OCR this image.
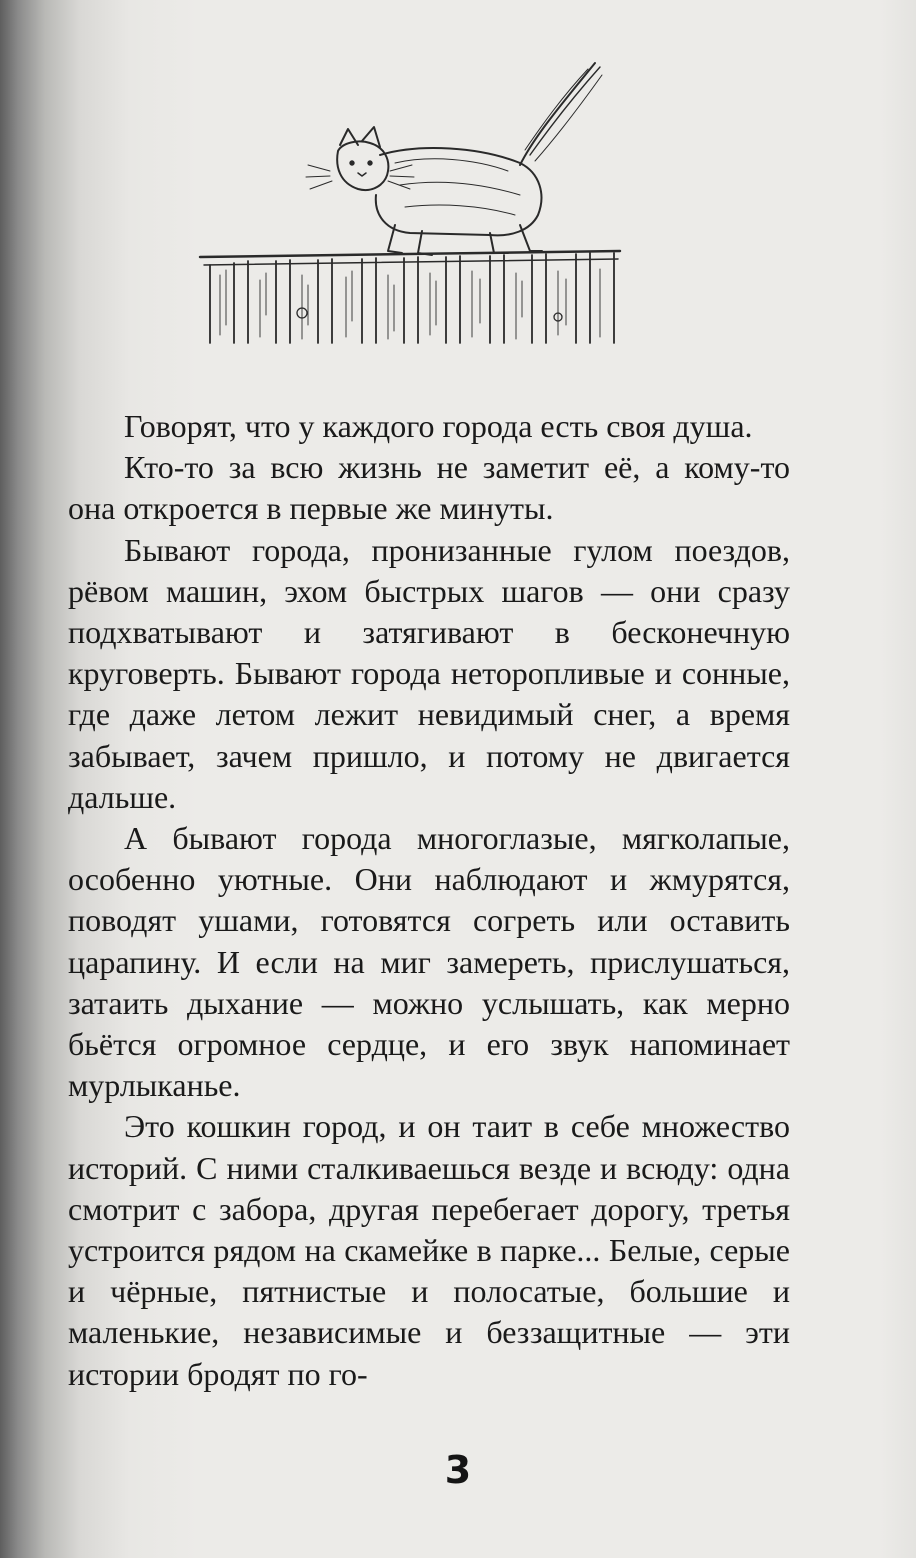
Говорят, что у каждого города есть своя душа.

Кто-то за всю жизнь не заметит её, а кому-то она откроется в первые же минуты.

Бывают города, пронизанные гулом поездов, рёвом машин, эхом быстрых шагов — они сразу подхватывают и затягивают в бесконечную круговерть. Бывают города неторопливые и сонные, где даже летом лежит невидимый снег, а время забывает, зачем пришло, и потому не двигается дальше.

А бывают города многоглазые, мягколапые, особенно уютные. Они наблюдают и жмурятся, поводят ушами, готовятся согреть или оставить царапину. И если на миг замереть, прислушаться, затаить дыхание — можно услышать, как мерно бьётся огромное сердце, и его звук напоминает мурлыканье.

Это кошкин город, и он таит в себе множество историй. С ними сталкиваешься везде и всюду: одна смотрит с забора, другая перебегает дорогу, третья устроится рядом на скамейке в парке... Белые, серые и чёрные, пятнистые и полосатые, большие и маленькие, независимые и беззащитные — эти истории бродят по го-

3
